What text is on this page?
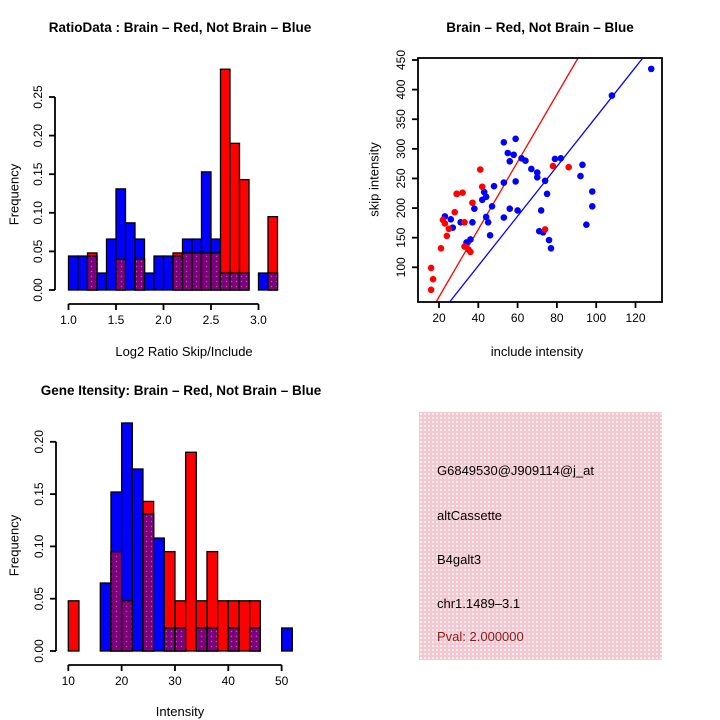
0.00
0.05
0.10
0.15
0.20
0.25
1.0	1.5	2.0	2.5	3.0
0.00
0.05
0.10
0.15
0.20
10	20	30	40	50
20 40 60 80 100 120
100
150
200
250
300
350
400
450
RatioData : Brain – Red, Not Brain – Blue	Brain – Red, Not Brain – Blue
Gene Itensity: Brain – Red, Not Brain – Blue
Log2 Ratio Skip/Include
Frequency
include intensity
skip intensity
Intensity
Frequency
G6849530@J909114@j_at
altCassette
B4galt3
chr1.1489–3.1
Pval: 2.000000
